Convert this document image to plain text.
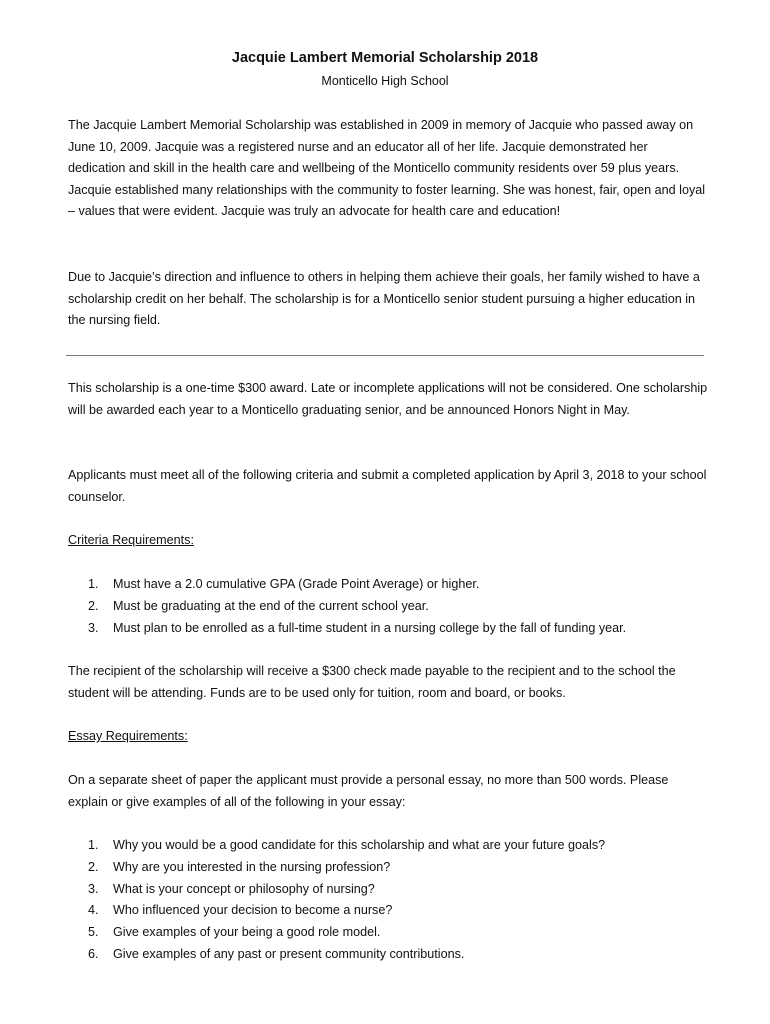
Jacquie Lambert Memorial Scholarship 2018
Monticello High School

The Jacquie Lambert Memorial Scholarship was established in 2009 in memory of Jacquie who passed away on June 10, 2009. Jacquie was a registered nurse and an educator all of her life. Jacquie demonstrated her dedication and skill in the health care and wellbeing of the Monticello community residents over 59 plus years. Jacquie established many relationships with the community to foster learning. She was honest, fair, open and loyal – values that were evident. Jacquie was truly an advocate for health care and education!

Due to Jacquie’s direction and influence to others in helping them achieve their goals, her family wished to have a scholarship credit on her behalf. The scholarship is for a Monticello senior student pursuing a higher education in the nursing field.

This scholarship is a one-time $300 award. Late or incomplete applications will not be considered. One scholarship will be awarded each year to a Monticello graduating senior, and be announced Honors Night in May.

Applicants must meet all of the following criteria and submit a completed application by April 3, 2018 to your school counselor.

Criteria Requirements:
1.	Must have a 2.0 cumulative GPA (Grade Point Average) or higher.
2.	Must be graduating at the end of the current school year.
3.	Must plan to be enrolled as a full-time student in a nursing college by the fall of funding year.

The recipient of the scholarship will receive a $300 check made payable to the recipient and to the school the student will be attending. Funds are to be used only for tuition, room and board, or books.

Essay Requirements:

On a separate sheet of paper the applicant must provide a personal essay, no more than 500 words. Please explain or give examples of all of the following in your essay:

1.	Why you would be a good candidate for this scholarship and what are your future goals?
2.	Why are you interested in the nursing profession?
3.	What is your concept or philosophy of nursing?
4.	Who influenced your decision to become a nurse?
5.	Give examples of your being a good role model.
6.	Give examples of any past or present community contributions.
